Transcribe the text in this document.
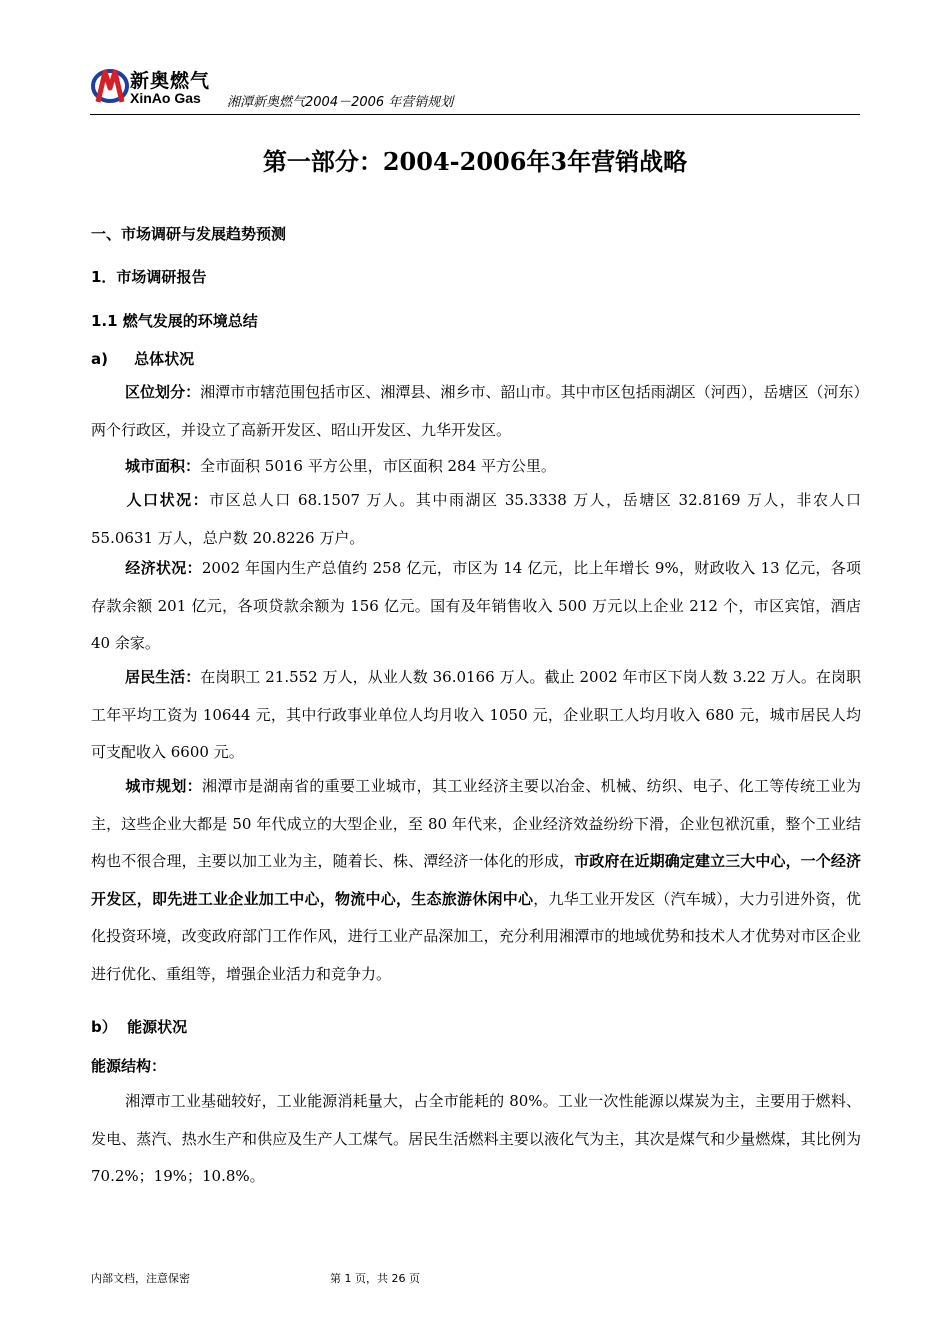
新奥燃气
XinAo Gas 湘潭新奥燃气2004－2006 年营销规划
第一部分：2004-2006年3年营销战略
一、市场调研与发展趋势预测
1．市场调研报告
1.1 燃气发展的环境总结
a)     总体状况

区位划分：湘潭市市辖范围包括市区、湘潭县、湘乡市、韶山市。其中市区包括雨湖区（河西），岳塘区（河东）两个行政区，并设立了高新开发区、昭山开发区、九华开发区。

城市面积：全市面积 5016 平方公里，市区面积 284 平方公里。

人口状况：市区总人口 68.1507 万人。其中雨湖区 35.3338 万人，岳塘区 32.8169 万人，非农人口 55.0631 万人，总户数 20.8226 万户。

经济状况：2002 年国内生产总值约 258 亿元，市区为 14 亿元，比上年增长 9%，财政收入 13 亿元，各项存款余额 201 亿元，各项贷款余额为 156 亿元。国有及年销售收入 500 万元以上企业 212 个，市区宾馆，酒店 40 余家。

居民生活：在岗职工 21.552 万人，从业人数 36.0166 万人。截止 2002 年市区下岗人数 3.22 万人。在岗职工年平均工资为 10644 元，其中行政事业单位人均月收入 1050 元，企业职工人均月收入 680 元，城市居民人均可支配收入 6600 元。

城市规划：湘潭市是湖南省的重要工业城市，其工业经济主要以冶金、机械、纺织、电子、化工等传统工业为主，这些企业大都是 50 年代成立的大型企业，至 80 年代来，企业经济效益纷纷下滑，企业包袱沉重，整个工业结构也不很合理，主要以加工业为主，随着长、株、潭经济一体化的形成，市政府在近期确定建立三大中心，一个经济开发区，即先进工业企业加工中心，物流中心，生态旅游休闲中心，九华工业开发区（汽车城），大力引进外资，优化投资环境，改变政府部门工作作风，进行工业产品深加工，充分利用湘潭市的地域优势和技术人才优势对市区企业进行优化、重组等，增强企业活力和竞争力。

b）  能源状况
能源结构：

湘潭市工业基础较好，工业能源消耗量大，占全市能耗的 80%。工业一次性能源以煤炭为主，主要用于燃料、发电、蒸汽、热水生产和供应及生产人工煤气。居民生活燃料主要以液化气为主，其次是煤气和少量燃煤，其比例为 70.2%；19%；10.8%。

内部文档，注意保密	第 1 页，共 26 页
